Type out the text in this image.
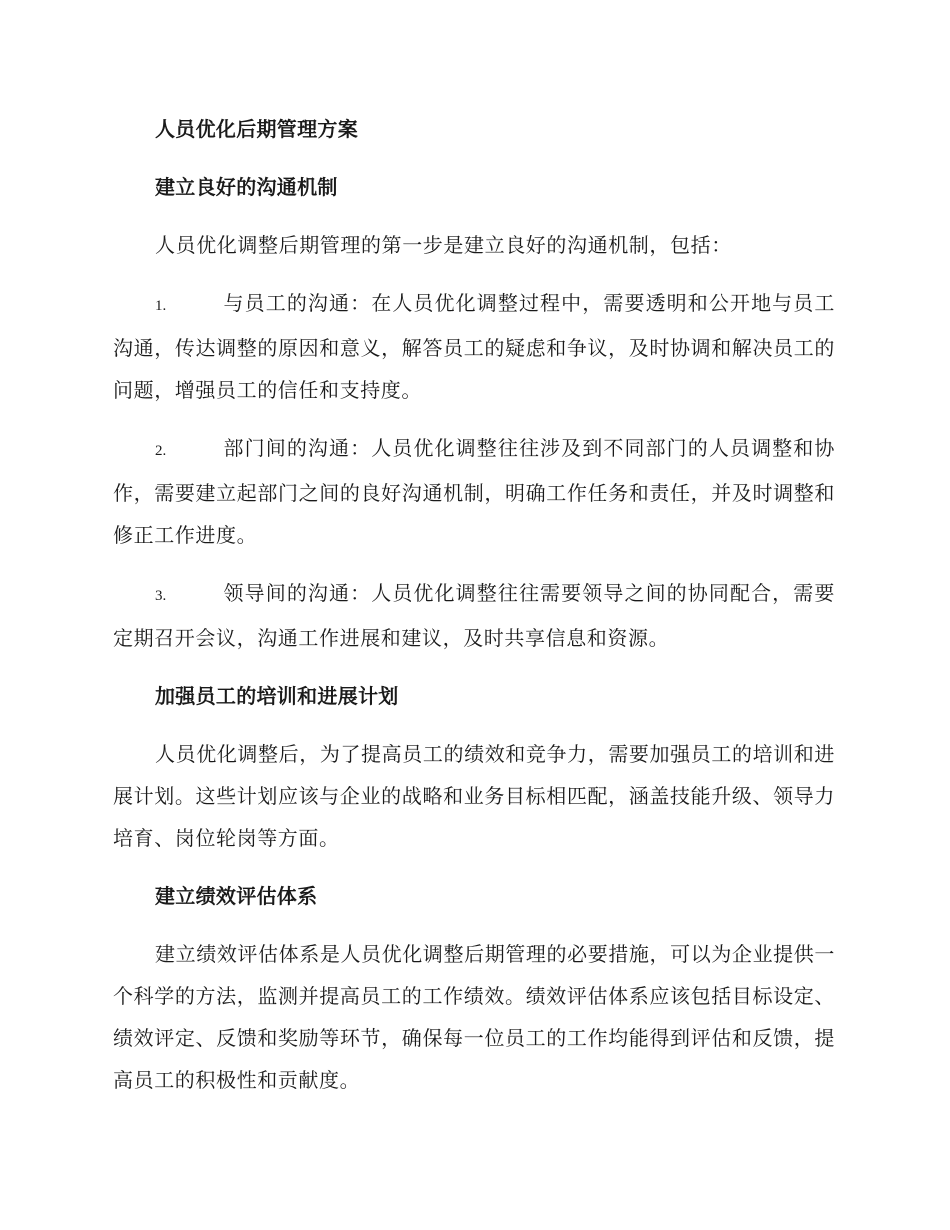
人员优化后期管理方案
建立良好的沟通机制

人员优化调整后期管理的第一步是建立良好的沟通机制，包括：

1.	与员工的沟通：在人员优化调整过程中，需要透明和公开地与员工沟通，传达调整的原因和意义，解答员工的疑虑和争议，及时协调和解决员工的问题，增强员工的信任和支持度。

2.	部门间的沟通：人员优化调整往往涉及到不同部门的人员调整和协作，需要建立起部门之间的良好沟通机制，明确工作任务和责任，并及时调整和修正工作进度。

3.	领导间的沟通：人员优化调整往往需要领导之间的协同配合，需要定期召开会议，沟通工作进展和建议，及时共享信息和资源。

加强员工的培训和进展计划

人员优化调整后，为了提高员工的绩效和竞争力，需要加强员工的培训和进展计划。这些计划应该与企业的战略和业务目标相匹配，涵盖技能升级、领导力培育、岗位轮岗等方面。

建立绩效评估体系

建立绩效评估体系是人员优化调整后期管理的必要措施，可以为企业提供一个科学的方法，监测并提高员工的工作绩效。绩效评估体系应该包括目标设定、绩效评定、反馈和奖励等环节，确保每一位员工的工作均能得到评估和反馈，提高员工的积极性和贡献度。
